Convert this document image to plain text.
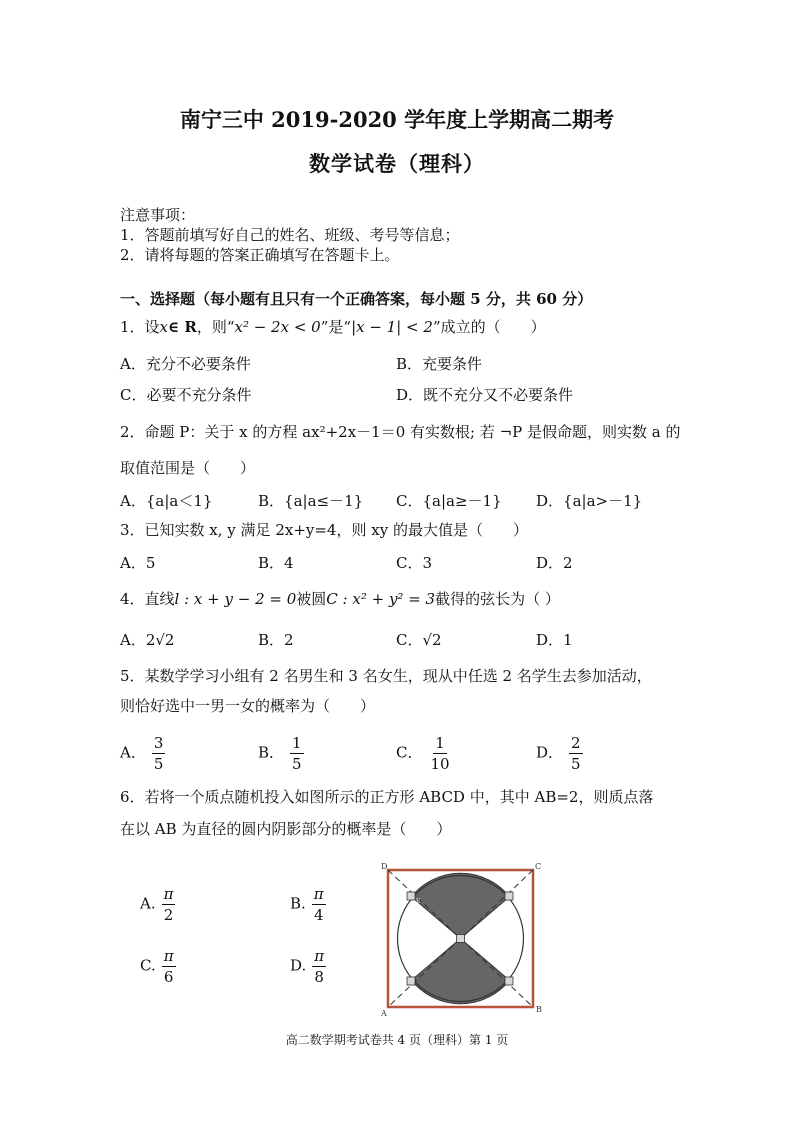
南宁三中 2019-2020 学年度上学期高二期考
数学试卷（理科）
注意事项：
1．答题前填写好自己的姓名、班级、考号等信息；
2．请将每题的答案正确填写在答题卡上。
一、选择题（每小题有且只有一个正确答案，每小题 5 分，共 60 分）
1．设x∈ R，则“x² − 2x < 0”是“|x − 1| < 2”成立的（　　）
A．充分不必要条件	B．充要条件
C．必要不充分条件	D．既不充分又不必要条件
2．命题 P：关于 x 的方程 ax²+2x－1＝0 有实数根; 若 ¬P 是假命题，则实数 a 的
取值范围是（　　）
A．{a|a＜1}	B．{a|a≤－1} C．{a|a≥－1} D．{a|a>－1}
3．已知实数 x, y 满足 2x+y=4，则 xy 的最大值是（　　）
A．5	B．4	C．3	D．2
4．直线l : x + y − 2 = 0被圆C : x² + y² = 3截得的弦长为（ ）
A．2√2	B．2	C．√2	D．1
5．某数学学习小组有 2 名男生和 3 名女生，现从中任选 2 名学生去参加活动，
则恰好选中一男一女的概率为（　　）
A． $\frac{3}{5}$	B． $\frac{1}{5}$	C． $\frac{1}{10}$	D． $\frac{2}{5}$
6．若将一个质点随机投入如图所示的正方形 ABCD 中，其中 AB=2，则质点落
在以 AB 为直径的圆内阴影部分的概率是（　　）
A. $\frac{\pi}{2}$	B. $\frac{\pi}{4}$
C. $\frac{\pi}{6}$	D. $\frac{\pi}{8}$
D	C
A	B
E
F
高二数学期考试卷共 4 页（理科）第 1 页
